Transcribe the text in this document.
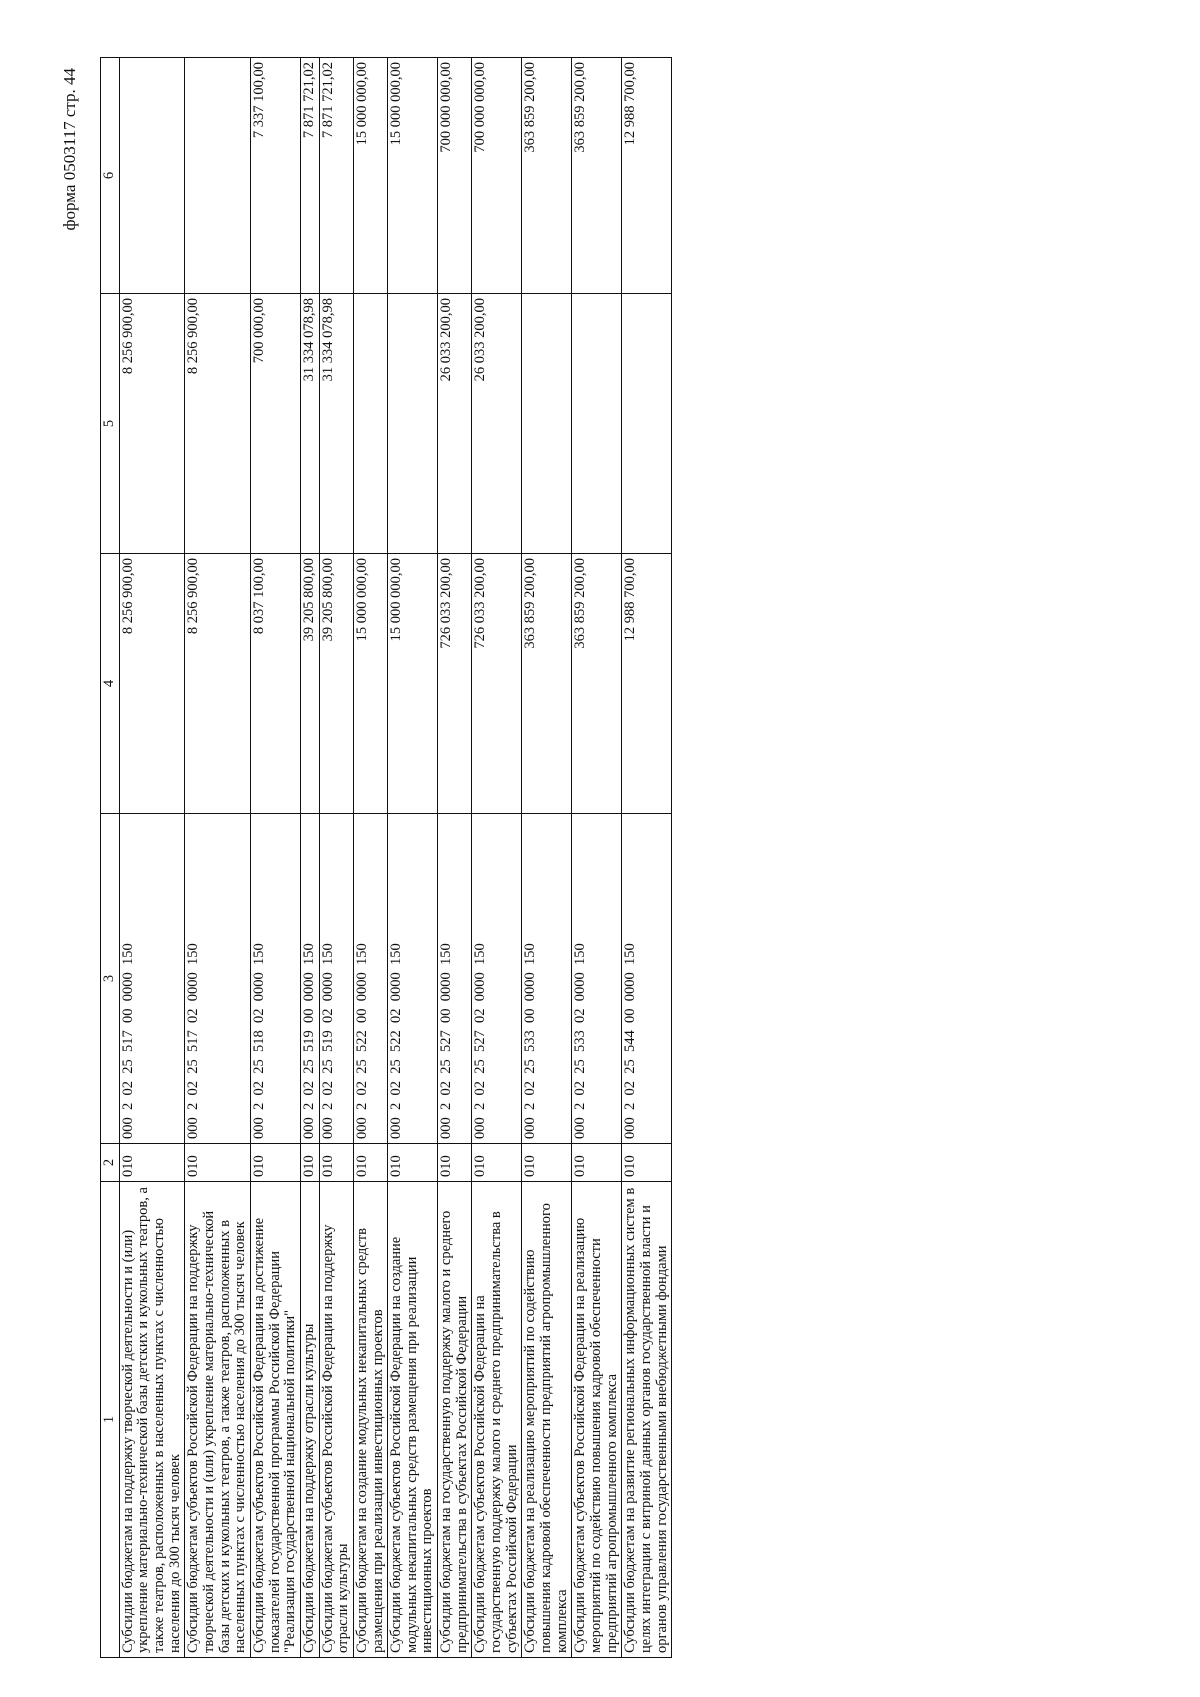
форма 0503117 стр. 44
1	2	3	4	5	6
Субсидии бюджетам на поддержку творческой деятельности и (или) укрепление материально-технической базы детских и кукольных театров, а также театров, расположенных в населенных пунктах с численностью населения до 300 тысяч человек	010	000  2  02  25  517  00  0000  150	8 256 900,00	8 256 900,00	
Субсидии бюджетам субъектов Российской Федерации на поддержку творческой деятельности и (или) укрепление материально-технической базы детских и кукольных театров, а также театров, расположенных в населенных пунктах с численностью населения до 300 тысяч человек	010	000  2  02  25  517  02  0000  150	8 256 900,00	8 256 900,00	
Субсидии бюджетам субъектов Российской Федерации на достижение показателей государственной программы Российской Федерации "Реализация государственной национальной политики"	010	000  2  02  25  518  02  0000  150	8 037 100,00	700 000,00	7 337 100,00
Субсидии бюджетам на поддержку отрасли культуры	010	000  2  02  25  519  00  0000  150	39 205 800,00	31 334 078,98	7 871 721,02
Субсидии бюджетам субъектов Российской Федерации на поддержку отрасли культуры	010	000  2  02  25  519  02  0000  150	39 205 800,00	31 334 078,98	7 871 721,02
Субсидии бюджетам на создание модульных некапитальных средств размещения при реализации инвестиционных проектов	010	000  2  02  25  522  00  0000  150	15 000 000,00		15 000 000,00
Субсидии бюджетам субъектов Российской Федерации на создание модульных некапитальных средств размещения при реализации инвестиционных проектов	010	000  2  02  25  522  02  0000  150	15 000 000,00		15 000 000,00
Субсидии бюджетам на государственную поддержку малого и среднего предпринимательства в субъектах Российской Федерации	010	000  2  02  25  527  00  0000  150	726 033 200,00	26 033 200,00	700 000 000,00
Субсидии бюджетам субъектов Российской Федерации на государственную поддержку малого и среднего предпринимательства в субъектах Российской Федерации	010	000  2  02  25  527  02  0000  150	726 033 200,00	26 033 200,00	700 000 000,00
Субсидии бюджетам на реализацию мероприятий по содействию повышения кадровой обеспеченности предприятий агропромышленного комплекса	010	000  2  02  25  533  00  0000  150	363 859 200,00		363 859 200,00
Субсидии бюджетам субъектов Российской Федерации на реализацию мероприятий по содействию повышения кадровой обеспеченности предприятий агропромышленного комплекса	010	000  2  02  25  533  02  0000  150	363 859 200,00		363 859 200,00
Субсидии бюджетам на развитие региональных информационных систем в целях интеграции с витриной данных органов государственной власти и органов управления государственными внебюджетными фондами	010	000  2  02  25  544  00  0000  150	12 988 700,00		12 988 700,00
